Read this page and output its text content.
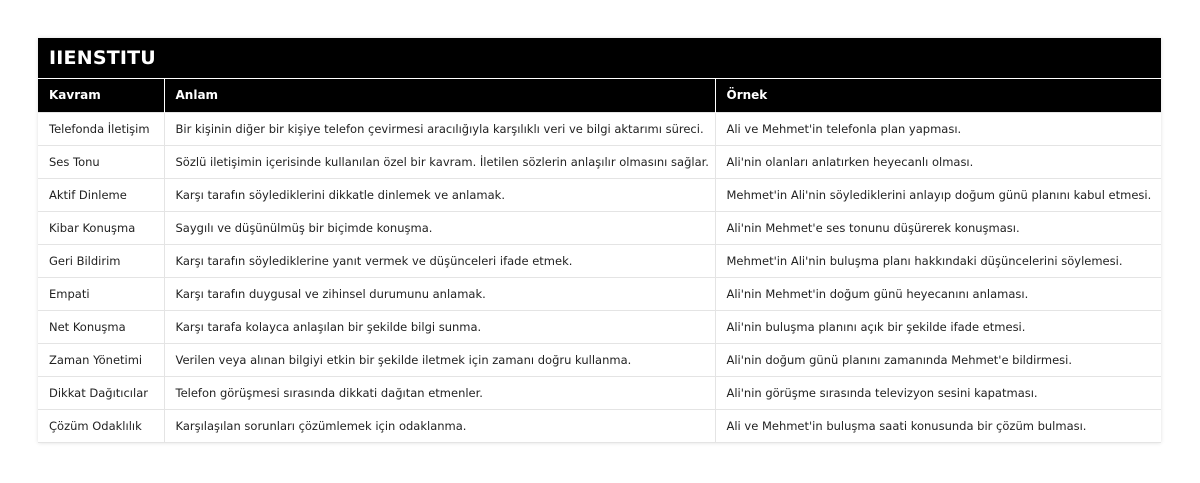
IIENSTITU
Kavram	Anlam	Örnek
Telefonda İletişim	Bir kişinin diğer bir kişiye telefon çevirmesi aracılığıyla karşılıklı veri ve bilgi aktarımı süreci.	Ali ve Mehmet'in telefonla plan yapması.
Ses Tonu	Sözlü iletişimin içerisinde kullanılan özel bir kavram. İletilen sözlerin anlaşılır olmasını sağlar.	Ali'nin olanları anlatırken heyecanlı olması.
Aktif Dinleme	Karşı tarafın söylediklerini dikkatle dinlemek ve anlamak.	Mehmet'in Ali'nin söylediklerini anlayıp doğum günü planını kabul etmesi.
Kibar Konuşma	Saygılı ve düşünülmüş bir biçimde konuşma.	Ali'nin Mehmet'e ses tonunu düşürerek konuşması.
Geri Bildirim	Karşı tarafın söylediklerine yanıt vermek ve düşünceleri ifade etmek.	Mehmet'in Ali'nin buluşma planı hakkındaki düşüncelerini söylemesi.
Empati	Karşı tarafın duygusal ve zihinsel durumunu anlamak.	Ali'nin Mehmet'in doğum günü heyecanını anlaması.
Net Konuşma	Karşı tarafa kolayca anlaşılan bir şekilde bilgi sunma.	Ali'nin buluşma planını açık bir şekilde ifade etmesi.
Zaman Yönetimi	Verilen veya alınan bilgiyi etkin bir şekilde iletmek için zamanı doğru kullanma.	Ali'nin doğum günü planını zamanında Mehmet'e bildirmesi.
Dikkat Dağıtıcılar	Telefon görüşmesi sırasında dikkati dağıtan etmenler.	Ali'nin görüşme sırasında televizyon sesini kapatması.
Çözüm Odaklılık	Karşılaşılan sorunları çözümlemek için odaklanma.	Ali ve Mehmet'in buluşma saati konusunda bir çözüm bulması.
